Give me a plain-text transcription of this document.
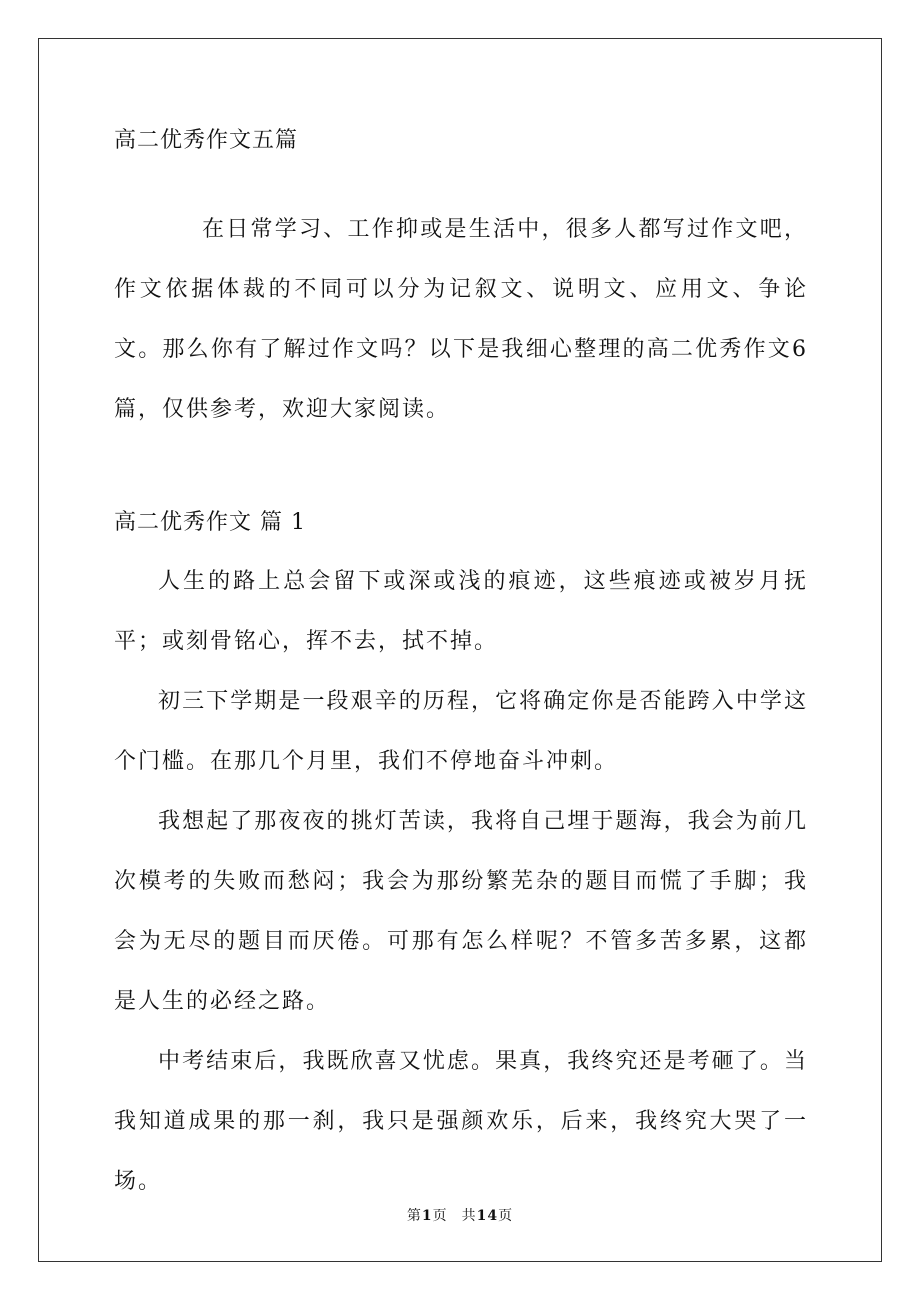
高二优秀作文五篇

在日常学习、工作抑或是生活中，很多人都写过作文吧，作文依据体裁的不同可以分为记叙文、说明文、应用文、争论文。那么你有了解过作文吗？以下是我细心整理的高二优秀作文6篇，仅供参考，欢迎大家阅读。

高二优秀作文 篇 1

人生的路上总会留下或深或浅的痕迹，这些痕迹或被岁月抚平；或刻骨铭心，挥不去，拭不掉。

初三下学期是一段艰辛的历程，它将确定你是否能跨入中学这个门槛。在那几个月里，我们不停地奋斗冲刺。

我想起了那夜夜的挑灯苦读，我将自己埋于题海，我会为前几次模考的失败而愁闷；我会为那纷繁芜杂的题目而慌了手脚；我会为无尽的题目而厌倦。可那有怎么样呢？不管多苦多累，这都是人生的必经之路。

中考结束后，我既欣喜又忧虑。果真，我终究还是考砸了。当我知道成果的那一刹，我只是强颜欢乐，后来，我终究大哭了一场。

第1页 共14页
